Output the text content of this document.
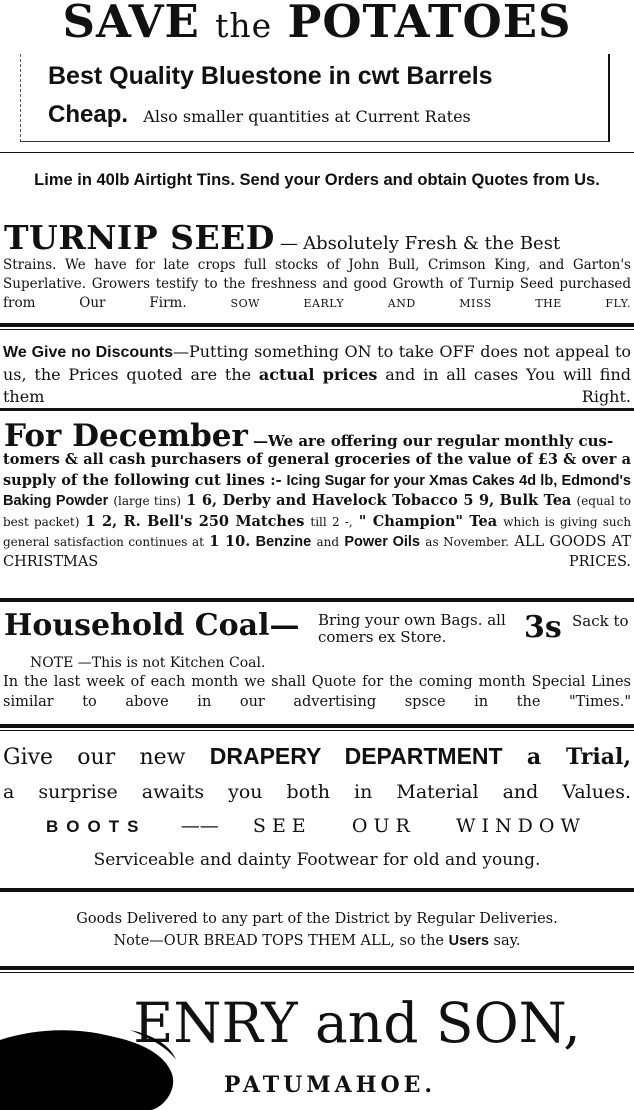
SAVE the POTATOES
Best Quality Bluestone in cwt Barrels
Cheap. Also smaller quantities at Current Rates
Lime in 40lb Airtight Tins. Send your Orders and obtain Quotes from Us.
TURNIP SEED — Absolutely Fresh & the Best
Strains. We have for late crops full stocks of John Bull, Crimson King, and Garton's Superlative. Growers testify to the freshness and good Growth of Turnip Seed purchased from Our Firm.	SOW EARLY AND MISS THE FLY.
We Give no Discounts—Putting something ON to take OFF does not appeal to us, the Prices quoted are the actual prices and in all cases You will find them Right.
For December —We are offering our regular monthly cus-
tomers & all cash purchasers of general groceries of the value of £3 & over a supply of the following cut lines :- Icing Sugar for your Xmas Cakes 4d lb, Edmond's Baking Powder (large tins) 1 6, Derby and Havelock Tobacco 5 9, Bulk Tea (equal to best packet) 1 2, R. Bell's 250 Matches till 2 -, " Champion" Tea which is giving such general satisfaction continues at 1 10. Benzine and Power Oils as November. ALL GOODS AT CHRISTMAS PRICES.
Household Coal— Bring your own Bags. all comers ex Store.	3s Sack to
NOTE —This is not Kitchen Coal.
In the last week of each month we shall Quote for the coming month Special Lines similar to above in our advertising spsce in the "Times."
Give our new DRAPERY DEPARTMENT a Trial,
a surprise awaits you both in Material and Values.
BOOTS —— SEE OUR WINDOW
Serviceable and dainty Footwear for old and young.
Goods Delivered to any part of the District by Regular Deliveries.
Note—OUR BREAD TOPS THEM ALL, so the Users say.
ENRY and SON,
PATUMAHOE.
